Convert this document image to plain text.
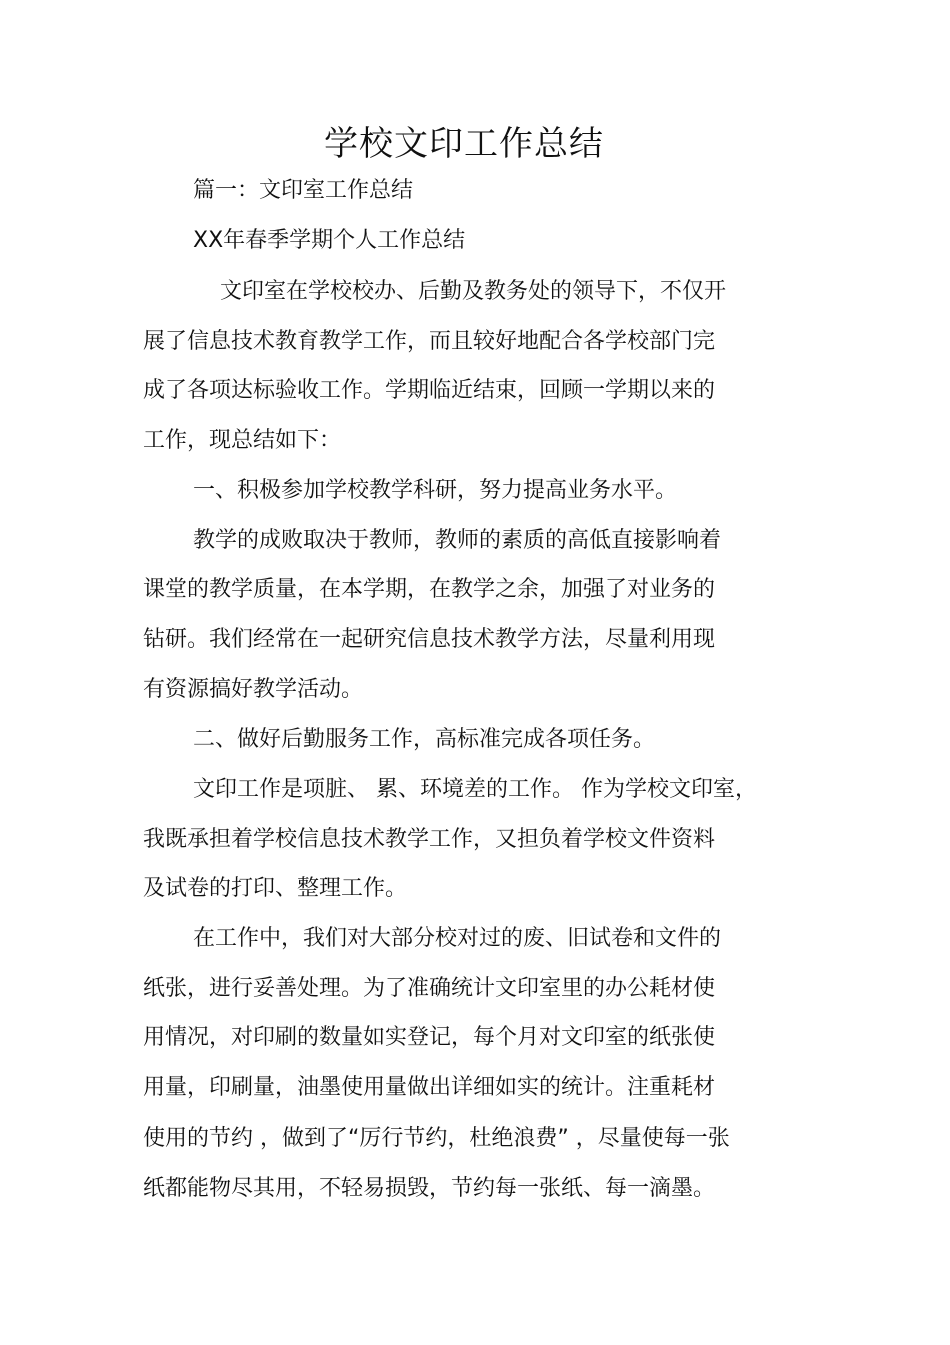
学校文印工作总结
篇一：文印室工作总结
XX年春季学期个人工作总结
文印室在学校校办、后勤及教务处的领导下，不仅开
展了信息技术教育教学工作，而且较好地配合各学校部门完
成了各项达标验收工作。学期临近结束，回顾一学期以来的
工作，现总结如下：
一、积极参加学校教学科研，努力提高业务水平。
教学的成败取决于教师，教师的素质的高低直接影响着
课堂的教学质量，在本学期，在教学之余，加强了对业务的
钻研。我们经常在一起研究信息技术教学方法，尽量利用现
有资源搞好教学活动。
二、做好后勤服务工作，高标准完成各项任务。
文印工作是项脏、 累、环境差的工作。 作为学校文印室，
我既承担着学校信息技术教学工作，又担负着学校文件资料
及试卷的打印、整理工作。
在工作中，我们对大部分校对过的废、旧试卷和文件的
纸张，进行妥善处理。为了准确统计文印室里的办公耗材使
用情况，对印刷的数量如实登记，每个月对文印室的纸张使
用量，印刷量，油墨使用量做出详细如实的统计。注重耗材
使用的节约 ，做到了“厉行节约，杜绝浪费” ，尽量使每一张
纸都能物尽其用，不轻易损毁，节约每一张纸、每一滴墨。
